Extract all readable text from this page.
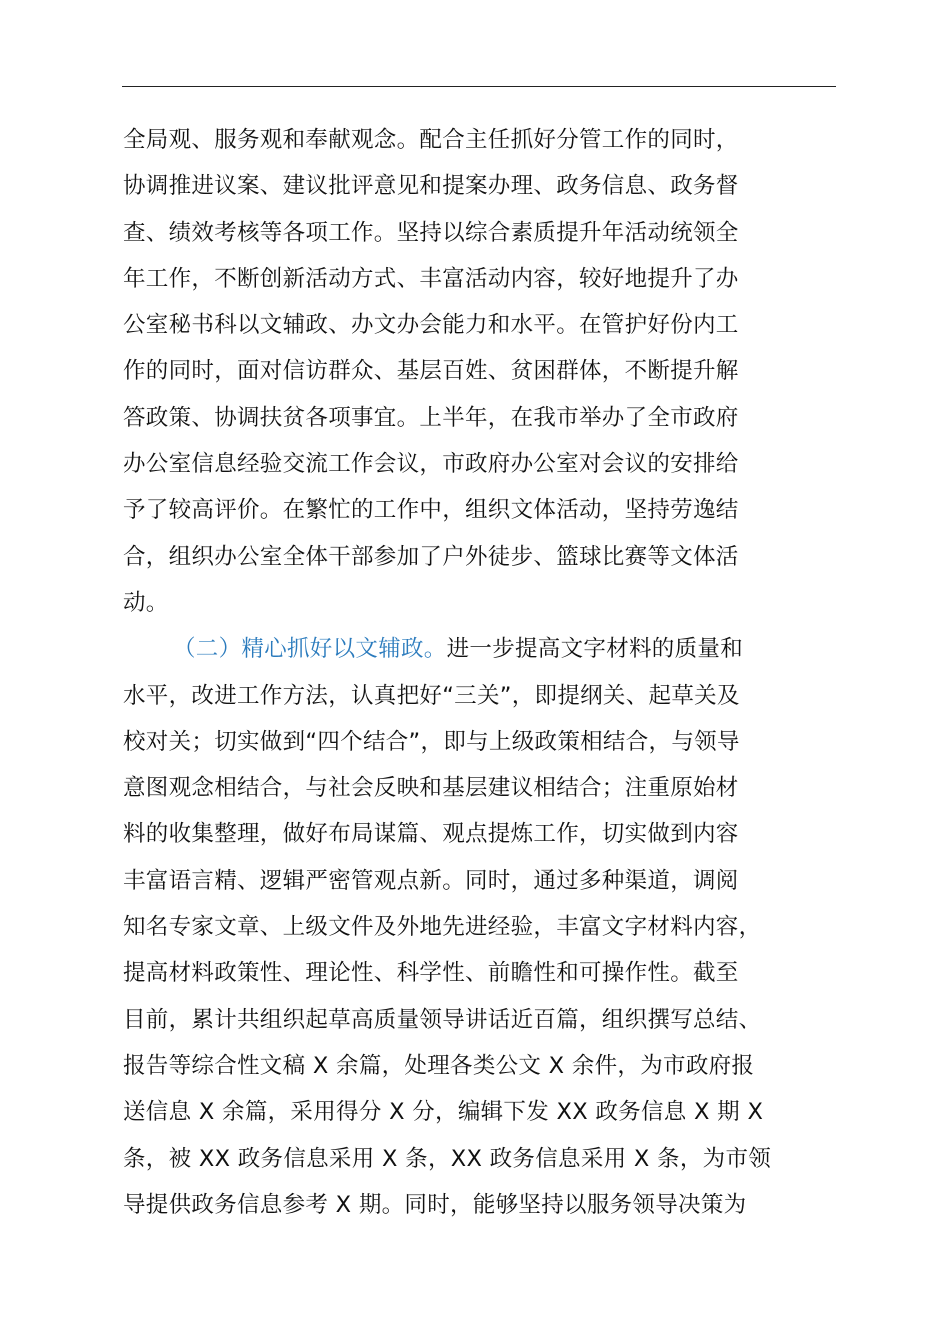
全局观、服务观和奉献观念。配合主任抓好分管工作的同时，
协调推进议案、建议批评意见和提案办理、政务信息、政务督
查、绩效考核等各项工作。坚持以综合素质提升年活动统领全
年工作，不断创新活动方式、丰富活动内容，较好地提升了办
公室秘书科以文辅政、办文办会能力和水平。在管护好份内工
作的同时，面对信访群众、基层百姓、贫困群体，不断提升解
答政策、协调扶贫各项事宜。上半年，在我市举办了全市政府
办公室信息经验交流工作会议，市政府办公室对会议的安排给
予了较高评价。在繁忙的工作中，组织文体活动，坚持劳逸结
合，组织办公室全体干部参加了户外徒步、篮球比赛等文体活
动。
（二）精心抓好以文辅政。进一步提高文字材料的质量和
水平，改进工作方法，认真把好“三关”，即提纲关、起草关及
校对关；切实做到“四个结合”，即与上级政策相结合，与领导
意图观念相结合，与社会反映和基层建议相结合；注重原始材
料的收集整理，做好布局谋篇、观点提炼工作，切实做到内容
丰富语言精、逻辑严密管观点新。同时，通过多种渠道，调阅
知名专家文章、上级文件及外地先进经验，丰富文字材料内容，
提高材料政策性、理论性、科学性、前瞻性和可操作性。截至
目前，累计共组织起草高质量领导讲话近百篇，组织撰写总结、
报告等综合性文稿 X 余篇，处理各类公文 X 余件，为市政府报
送信息 X 余篇，采用得分 X 分，编辑下发 XX 政务信息 X 期 X
条，被 XX 政务信息采用 X 条，XX 政务信息采用 X 条，为市领
导提供政务信息参考 X 期。同时，能够坚持以服务领导决策为
